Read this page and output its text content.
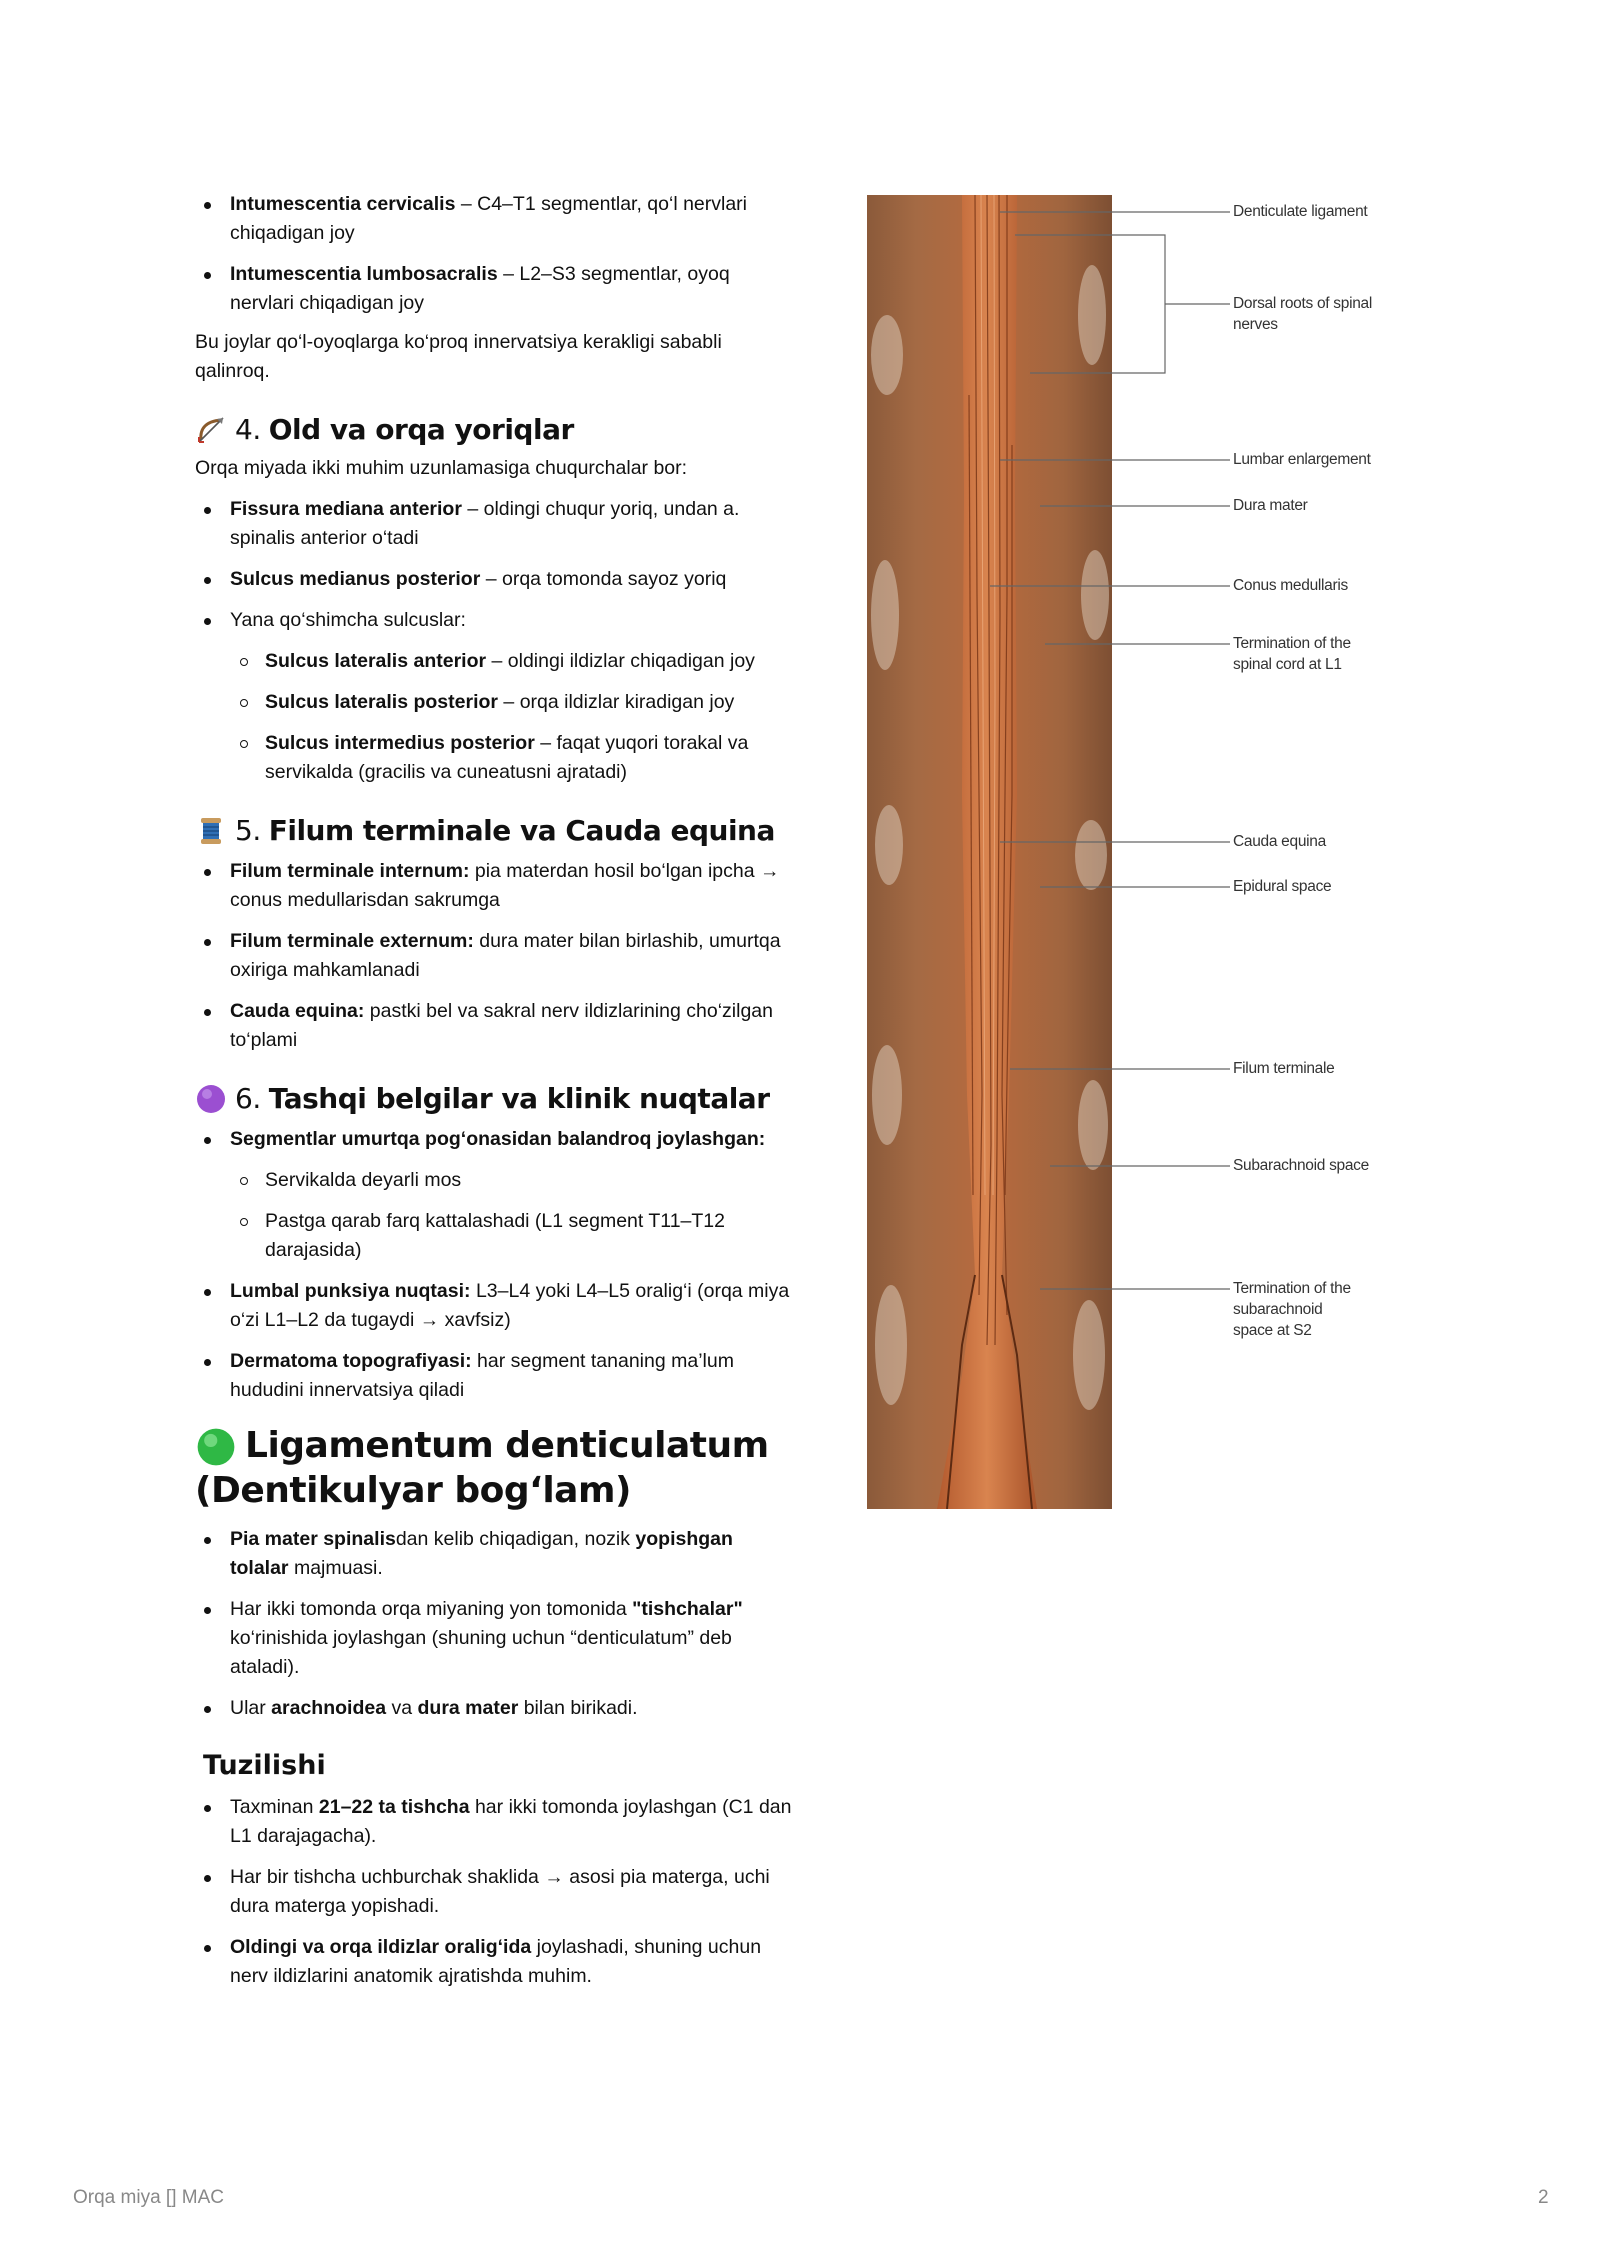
Intumescentia cervicalis – C4–T1 segmentlar, qo‘l nervlari chiqadigan joy
Intumescentia lumbosacralis – L2–S3 segmentlar, oyoq nervlari chiqadigan joy

Bu joylar qo‘l-oyoqlarga ko‘proq innervatsiya kerakligi sababli qalinroq.

4. Old va orqa yoriqlar

Orqa miyada ikki muhim uzunlamasiga chuqurchalar bor:

Fissura mediana anterior – oldingi chuqur yoriq, undan a. spinalis anterior o‘tadi
Sulcus medianus posterior – orqa tomonda sayoz yoriq
Yana qo‘shimcha sulcuslar:
Sulcus lateralis anterior – oldingi ildizlar chiqadigan joy
Sulcus lateralis posterior – orqa ildizlar kiradigan joy
Sulcus intermedius posterior – faqat yuqori torakal va servikalda (gracilis va cuneatusni ajratadi)
5. Filum terminale va Cauda equina
Filum terminale internum: pia materdan hosil bo‘lgan ipcha → conus medullarisdan sakrumga
Filum terminale externum: dura mater bilan birlashib, umurtqa oxiriga mahkamlanadi
Cauda equina: pastki bel va sakral nerv ildizlarining cho‘zilgan to‘plami
6. Tashqi belgilar va klinik nuqtalar
Segmentlar umurtqa pog‘onasidan balandroq joylashgan:
Servikalda deyarli mos
Pastga qarab farq kattalashadi (L1 segment T11–T12 darajasida)
Lumbal punksiya nuqtasi: L3–L4 yoki L4–L5 oralig‘i (orqa miya o‘zi L1–L2 da tugaydi → xavfsiz)
Dermatoma topografiyasi: har segment tananing ma’lum hududini innervatsiya qiladi
Ligamentum denticulatum (Dentikulyar bog‘lam)
Pia mater spinalisdan kelib chiqadigan, nozik yopishgan tolalar majmuasi.
Har ikki tomonda orqa miyaning yon tomonida "tishchalar" ko‘rinishida joylashgan (shuning uchun “denticulatum” deb ataladi).
Ular arachnoidea va dura mater bilan birikadi.
Tuzilishi
Taxminan 21–22 ta tishcha har ikki tomonda joylashgan (C1 dan L1 darajagacha).
Har bir tishcha uchburchak shaklida → asosi pia materga, uchi dura materga yopishadi.
Oldingi va orqa ildizlar oralig‘ida joylashadi, shuning uchun nerv ildizlarini anatomik ajratishda muhim.
Denticulate ligament
Dorsal roots of spinal
nerves
Lumbar enlargement
Dura mater
Conus medullaris
Termination of the
spinal cord at L1
Cauda equina
Epidural space
Filum terminale
Subarachnoid space
Termination of the
subarachnoid
space at S2
Orqa miya [] MAC	2
